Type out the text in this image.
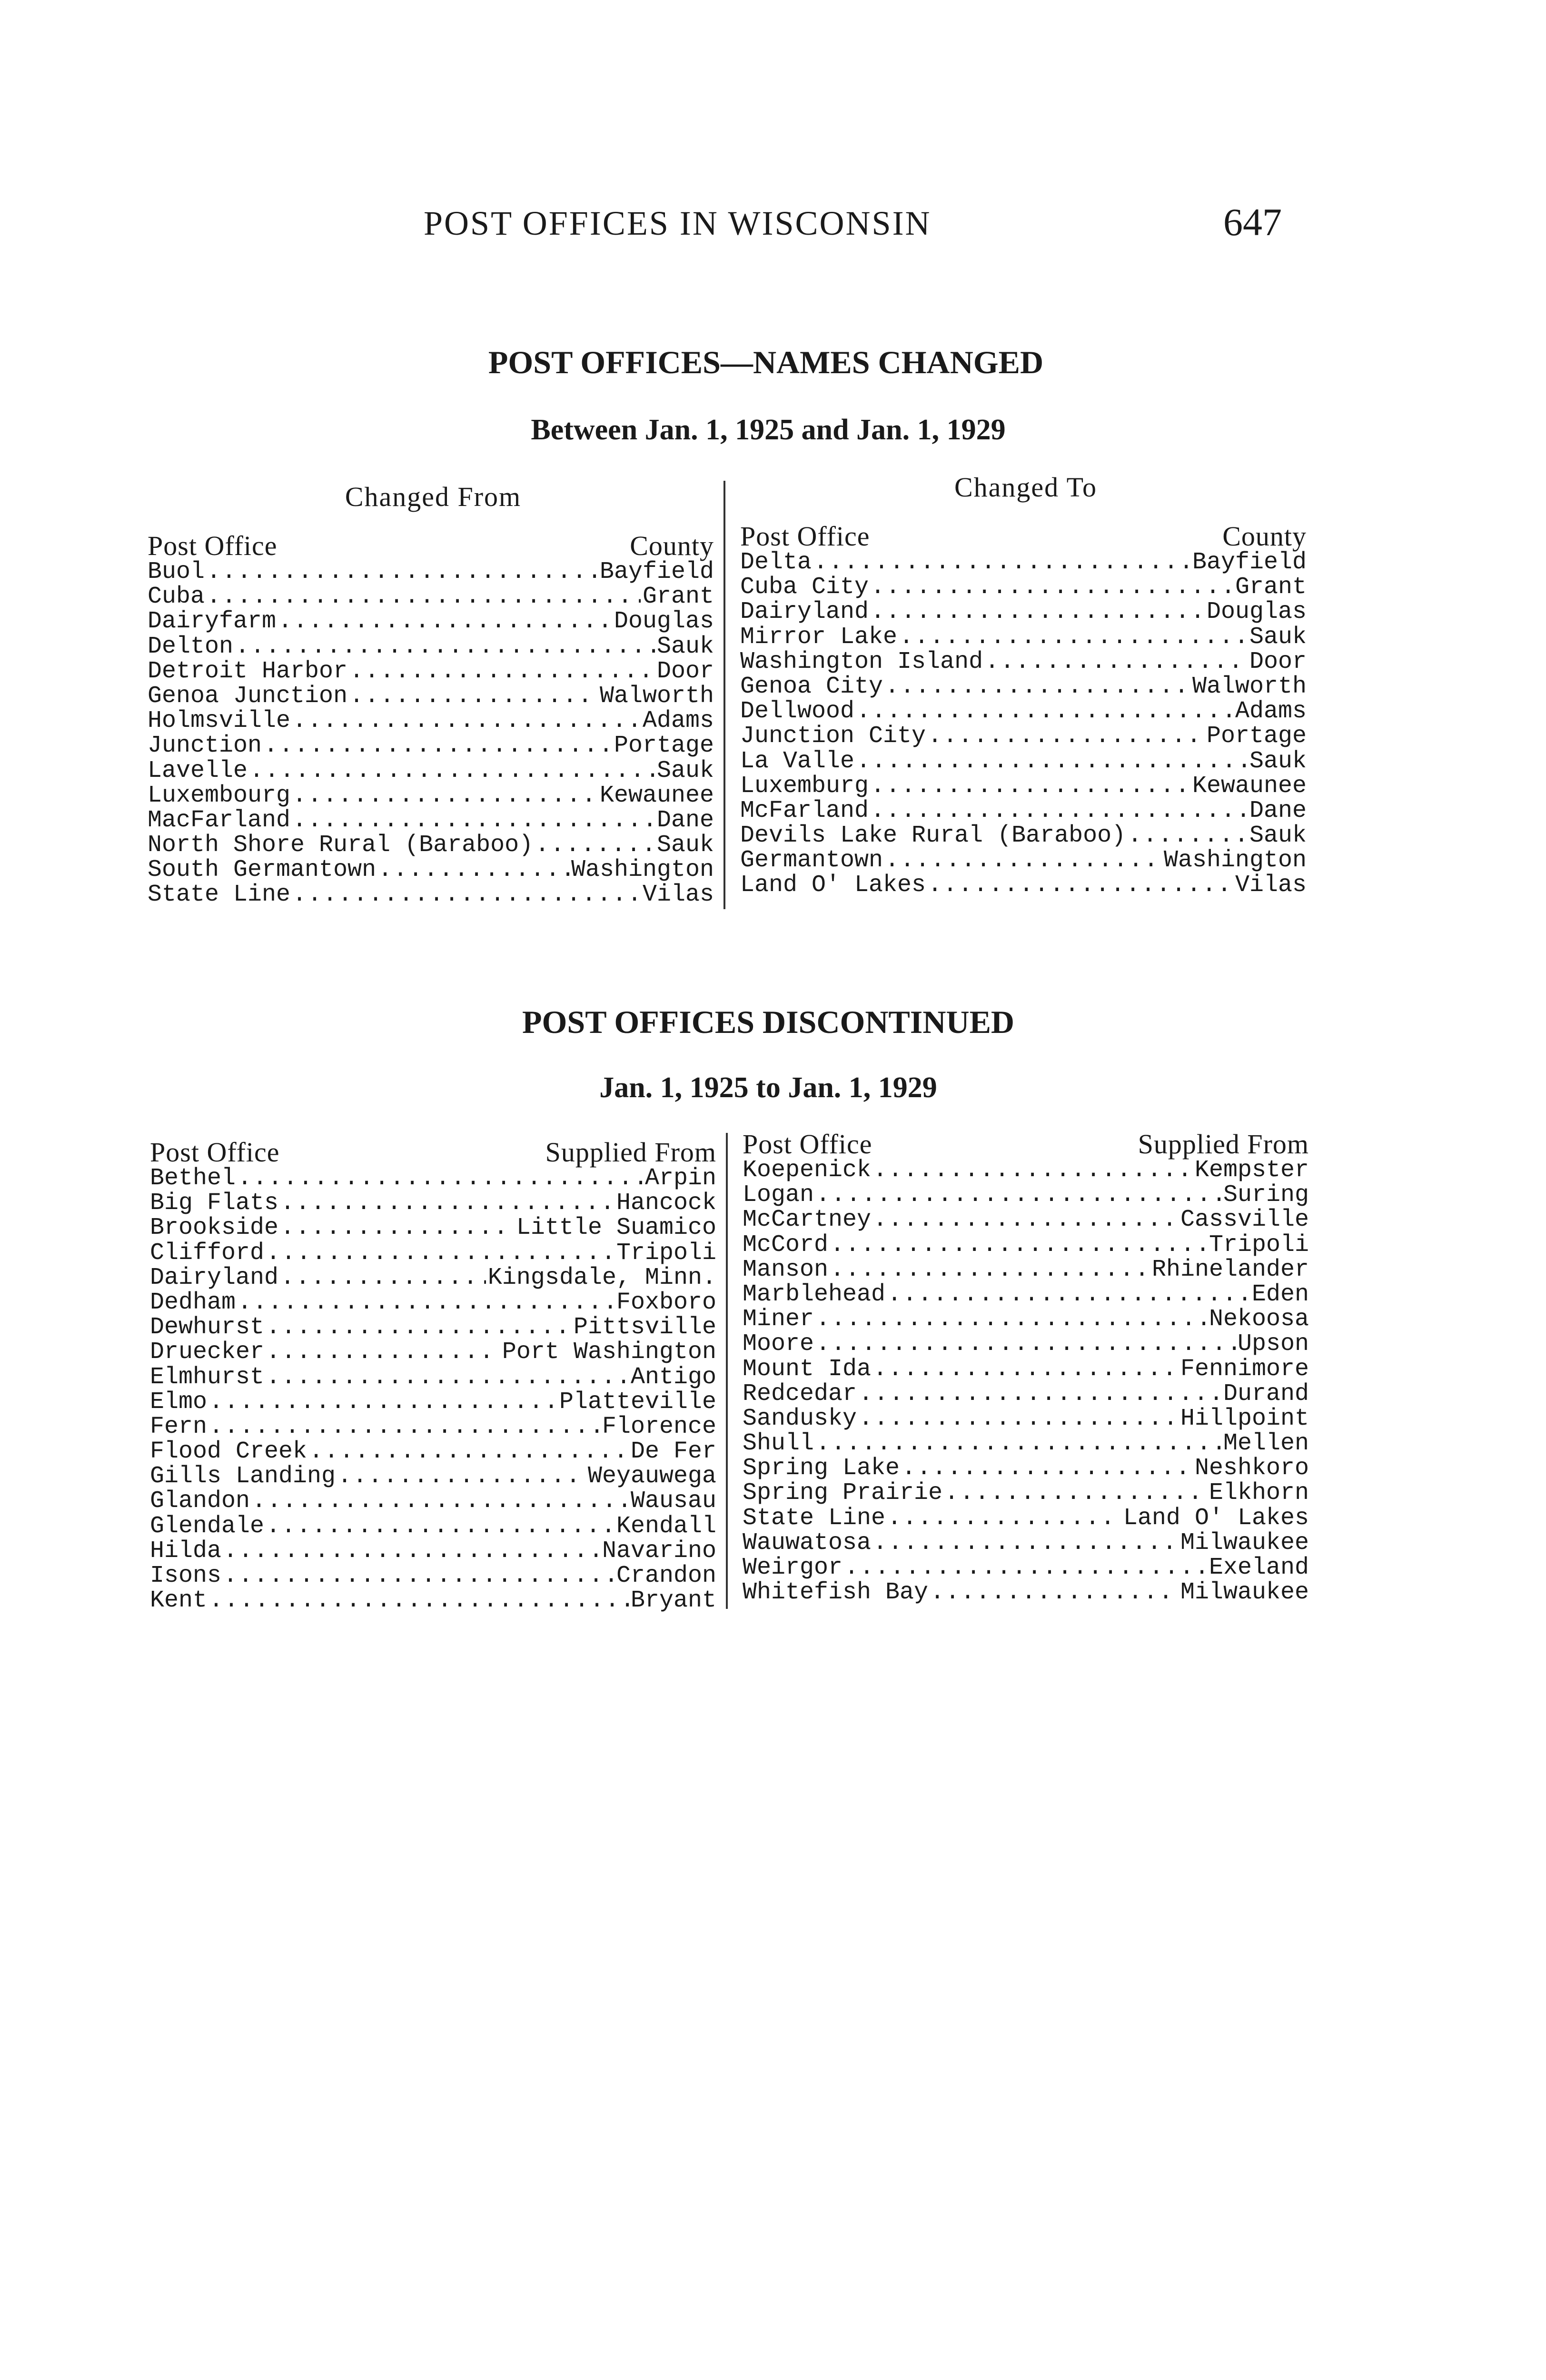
POST OFFICES IN WISCONSIN	647
POST OFFICES—NAMES CHANGED
Between Jan. 1, 1925 and Jan. 1, 1929
Changed From	Changed To
Post Office	County
Buol .....	Bayfield
Cuba .....	Grant
Dairyfarm .....	Douglas
Delton .....	Sauk
Detroit Harbor .....	Door
Genoa Junction .....	Walworth
Holmsville .....	Adams
Junction .....	Portage
Lavelle .....	Sauk
Luxembourg .....	Kewaunee
MacFarland .....	Dane
North Shore Rural (Baraboo) .....	Sauk
South Germantown .....	Washington
State Line .....	Vilas
Post Office	County
Delta .....	Bayfield
Cuba City .....	Grant
Dairyland .....	Douglas
Mirror Lake .....	Sauk
Washington Island .....	Door
Genoa City .....	Walworth
Dellwood .....	Adams
Junction City .....	Portage
La Valle .....	Sauk
Luxemburg .....	Kewaunee
McFarland .....	Dane
Devils Lake Rural (Baraboo) .....	Sauk
Germantown .....	Washington
Land O' Lakes .....	Vilas
POST OFFICES DISCONTINUED
Jan. 1, 1925 to Jan. 1, 1929
Post Office	Supplied From
Bethel .....	Arpin
Big Flats .....	Hancock
Brookside .....	Little Suamico
Clifford .....	Tripoli
Dairyland .....	Kingsdale, Minn.
Dedham .....	Foxboro
Dewhurst .....	Pittsville
Druecker .....	Port Washington
Elmhurst .....	Antigo
Elmo .....	Platteville
Fern .....	Florence
Flood Creek .....	De Fer
Gills Landing .....	Weyauwega
Glandon .....	Wausau
Glendale .....	Kendall
Hilda .....	Navarino
Isons .....	Crandon
Kent .....	Bryant
Post Office	Supplied From
Koepenick .....	Kempster
Logan .....	Suring
McCartney .....	Cassville
McCord .....	Tripoli
Manson .....	Rhinelander
Marblehead .....	Eden
Miner .....	Nekoosa
Moore .....	Upson
Mount Ida .....	Fennimore
Redcedar .....	Durand
Sandusky .....	Hillpoint
Shull .....	Mellen
Spring Lake .....	Neshkoro
Spring Prairie .....	Elkhorn
State Line .....	Land O' Lakes
Wauwatosa .....	Milwaukee
Weirgor .....	Exeland
Whitefish Bay .....	Milwaukee
